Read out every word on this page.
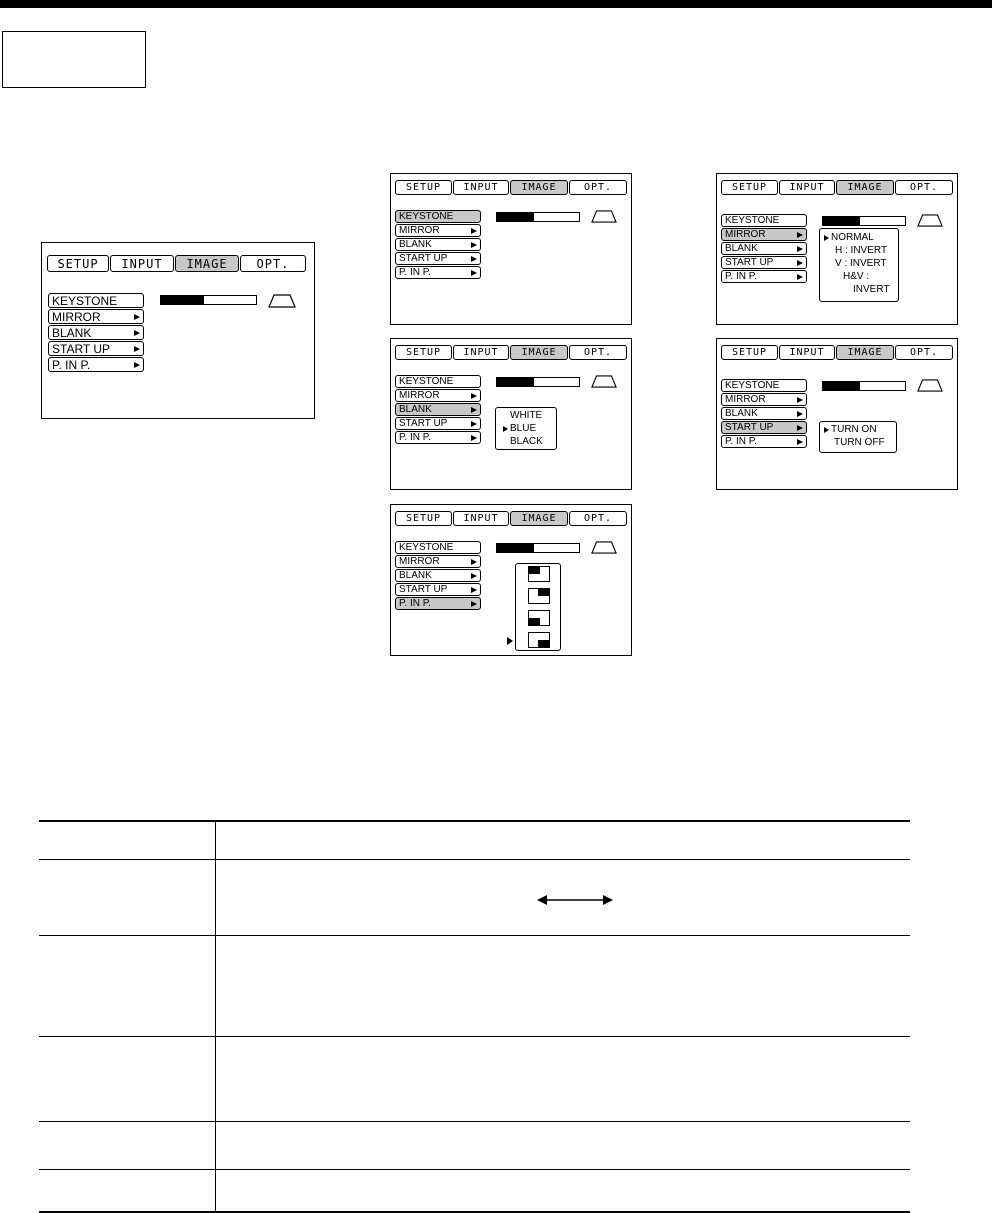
SETUP	INPUT	IMAGE	OPT.
KEYSTONE
MIRROR
BLANK
START UP
P. IN P.
SETUP	INPUT	IMAGE	OPT.
KEYSTONE
MIRROR
BLANK
START UP
P. IN P.
SETUP	INPUT	IMAGE	OPT.
KEYSTONE
MIRROR
BLANK
START UP
P. IN P.
NORMAL
H : INVERT
V : INVERT
H&V :
INVERT
SETUP	INPUT	IMAGE	OPT.
KEYSTONE
MIRROR
BLANK
START UP
P. IN P.
WHITE
BLUE
BLACK
SETUP	INPUT	IMAGE	OPT.
KEYSTONE
MIRROR
BLANK
START UP
P. IN P.
TURN ON
TURN OFF
SETUP	INPUT	IMAGE	OPT.
KEYSTONE
MIRROR
BLANK
START UP
P. IN P.
